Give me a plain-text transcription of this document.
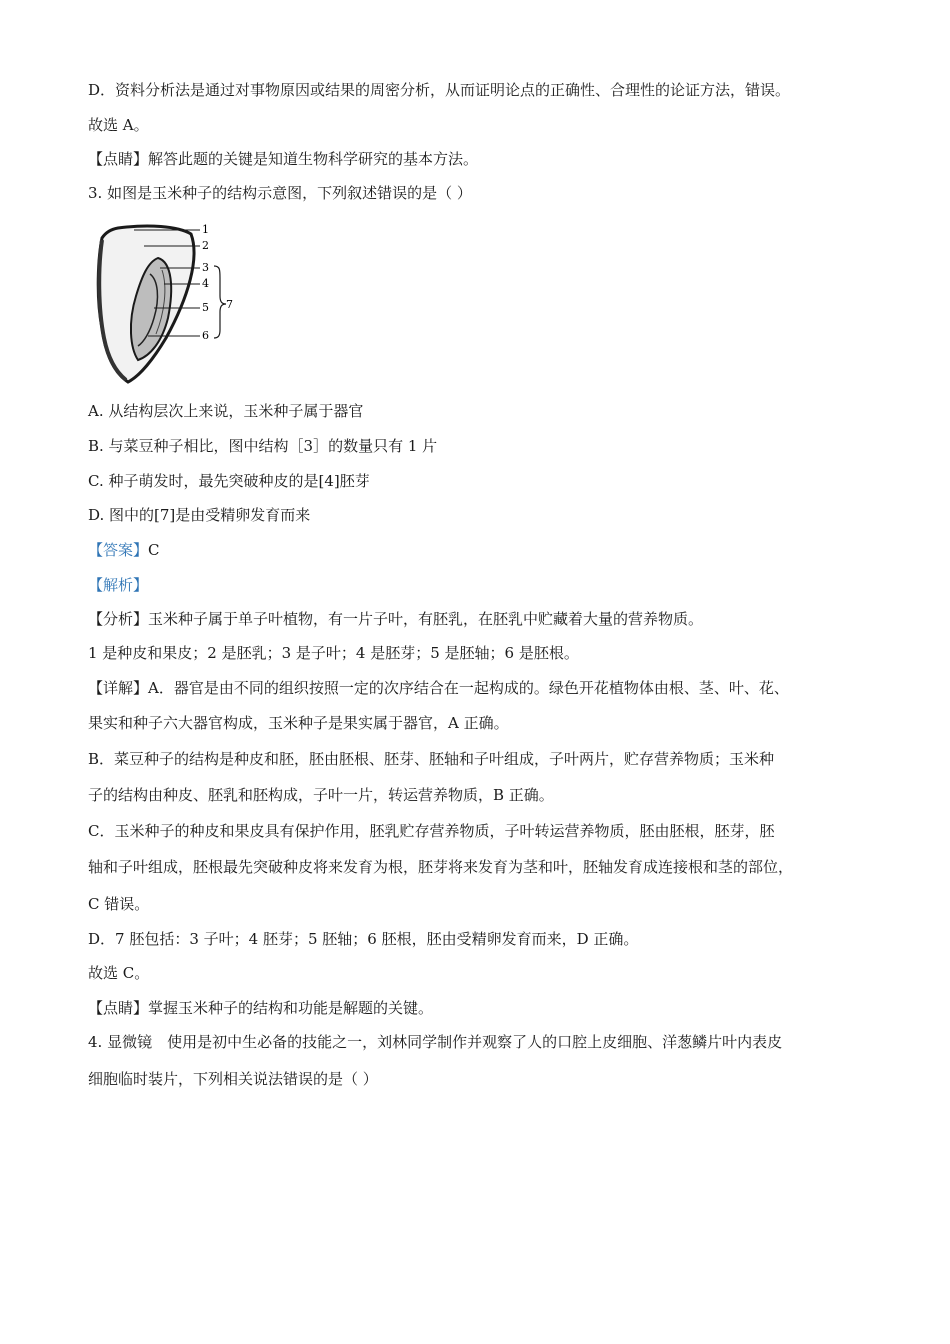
D．资料分析法是通过对事物原因或结果的周密分析，从而证明论点的正确性、合理性的论证方法，错误。
故选 A。
【点睛】解答此题的关键是知道生物科学研究的基本方法。
3. 如图是玉米种子的结构示意图，下列叙述错误的是（ ）
A. 从结构层次上来说，玉米种子属于器官
B. 与菜豆种子相比，图中结构［3］的数量只有 1 片
C. 种子萌发时，最先突破种皮的是[4]胚芽
D. 图中的[7]是由受精卵发育而来
【答案】C
【解析】
【分析】玉米种子属于单子叶植物，有一片子叶，有胚乳，在胚乳中贮藏着大量的营养物质。
1 是种皮和果皮；2 是胚乳；3 是子叶；4 是胚芽；5 是胚轴；6 是胚根。
【详解】A．器官是由不同的组织按照一定的次序结合在一起构成的。绿色开花植物体由根、茎、叶、花、
果实和种子六大器官构成，玉米种子是果实属于器官，A 正确。
B．菜豆种子的结构是种皮和胚，胚由胚根、胚芽、胚轴和子叶组成，子叶两片，贮存营养物质；玉米种
子的结构由种皮、胚乳和胚构成，子叶一片，转运营养物质，B 正确。
C．玉米种子的种皮和果皮具有保护作用，胚乳贮存营养物质，子叶转运营养物质，胚由胚根，胚芽，胚
轴和子叶组成，胚根最先突破种皮将来发育为根，胚芽将来发育为茎和叶，胚轴发育成连接根和茎的部位，
C 错误。
D．7 胚包括：3 子叶；4 胚芽；5 胚轴；6 胚根，胚由受精卵发育而来，D 正确。
故选 C。
【点睛】掌握玉米种子的结构和功能是解题的关键。
4. 显微镜　使用是初中生必备的技能之一，刘林同学制作并观察了人的口腔上皮细胞、洋葱鳞片叶内表皮
细胞临时装片，下列相关说法错误的是（ ）
1
2
3
4
5
6
7
